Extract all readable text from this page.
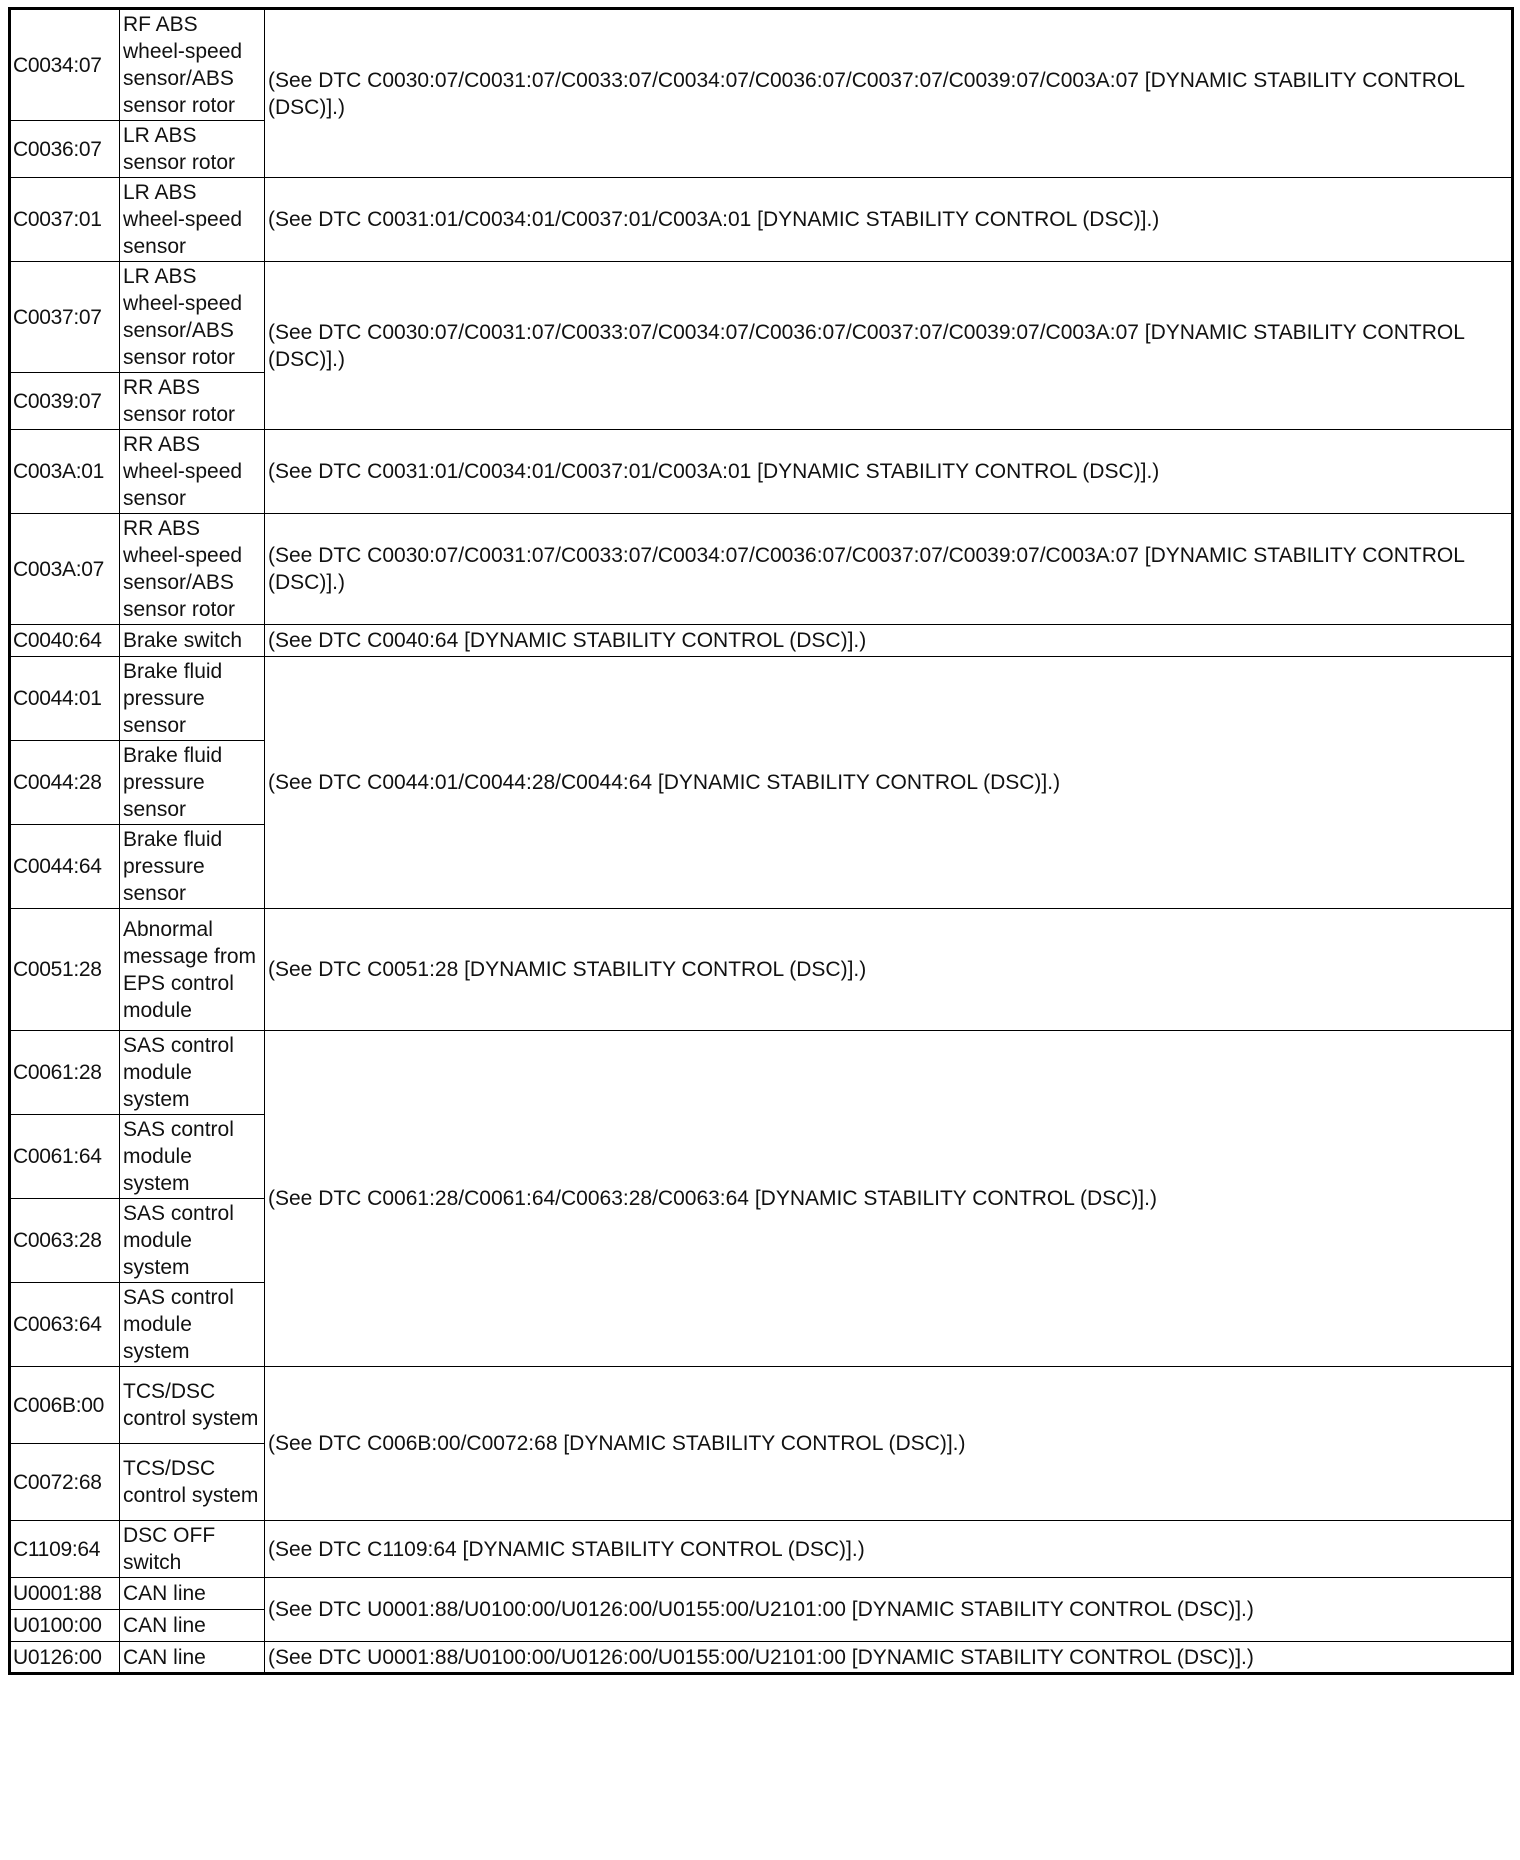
C0034:07	RF ABS wheel-speed sensor/ABS sensor rotor	(See DTC C0030:07/C0031:07/C0033:07/C0034:07/C0036:07/C0037:07/C0039:07/C003A:07 [DYNAMIC STABILITY CONTROL (DSC)].)
C0036:07	LR ABS sensor rotor	
C0037:01	LR ABS wheel-speed sensor	(See DTC C0031:01/C0034:01/C0037:01/C003A:01 [DYNAMIC STABILITY CONTROL (DSC)].)
C0037:07	LR ABS wheel-speed sensor/ABS sensor rotor	(See DTC C0030:07/C0031:07/C0033:07/C0034:07/C0036:07/C0037:07/C0039:07/C003A:07 [DYNAMIC STABILITY CONTROL (DSC)].)
C0039:07	RR ABS sensor rotor	
C003A:01	RR ABS wheel-speed sensor	(See DTC C0031:01/C0034:01/C0037:01/C003A:01 [DYNAMIC STABILITY CONTROL (DSC)].)
C003A:07	RR ABS wheel-speed sensor/ABS sensor rotor	(See DTC C0030:07/C0031:07/C0033:07/C0034:07/C0036:07/C0037:07/C0039:07/C003A:07 [DYNAMIC STABILITY CONTROL (DSC)].)
C0040:64	Brake switch	(See DTC C0040:64 [DYNAMIC STABILITY CONTROL (DSC)].)
C0044:01	Brake fluid pressure sensor	(See DTC C0044:01/C0044:28/C0044:64 [DYNAMIC STABILITY CONTROL (DSC)].)
C0044:28	Brake fluid pressure sensor	
C0044:64	Brake fluid pressure sensor	
C0051:28	Abnormal message from EPS control module	(See DTC C0051:28 [DYNAMIC STABILITY CONTROL (DSC)].)
C0061:28	SAS control module system	(See DTC C0061:28/C0061:64/C0063:28/C0063:64 [DYNAMIC STABILITY CONTROL (DSC)].)
C0061:64	SAS control module system	
C0063:28	SAS control module system	
C0063:64	SAS control module system	
C006B:00	TCS/DSC control system	(See DTC C006B:00/C0072:68 [DYNAMIC STABILITY CONTROL (DSC)].)
C0072:68	TCS/DSC control system	
C1109:64	DSC OFF switch	(See DTC C1109:64 [DYNAMIC STABILITY CONTROL (DSC)].)
U0001:88	CAN line	(See DTC U0001:88/U0100:00/U0126:00/U0155:00/U2101:00 [DYNAMIC STABILITY CONTROL (DSC)].)
U0100:00	CAN line	
U0126:00	CAN line	(See DTC U0001:88/U0100:00/U0126:00/U0155:00/U2101:00 [DYNAMIC STABILITY CONTROL (DSC)].)
